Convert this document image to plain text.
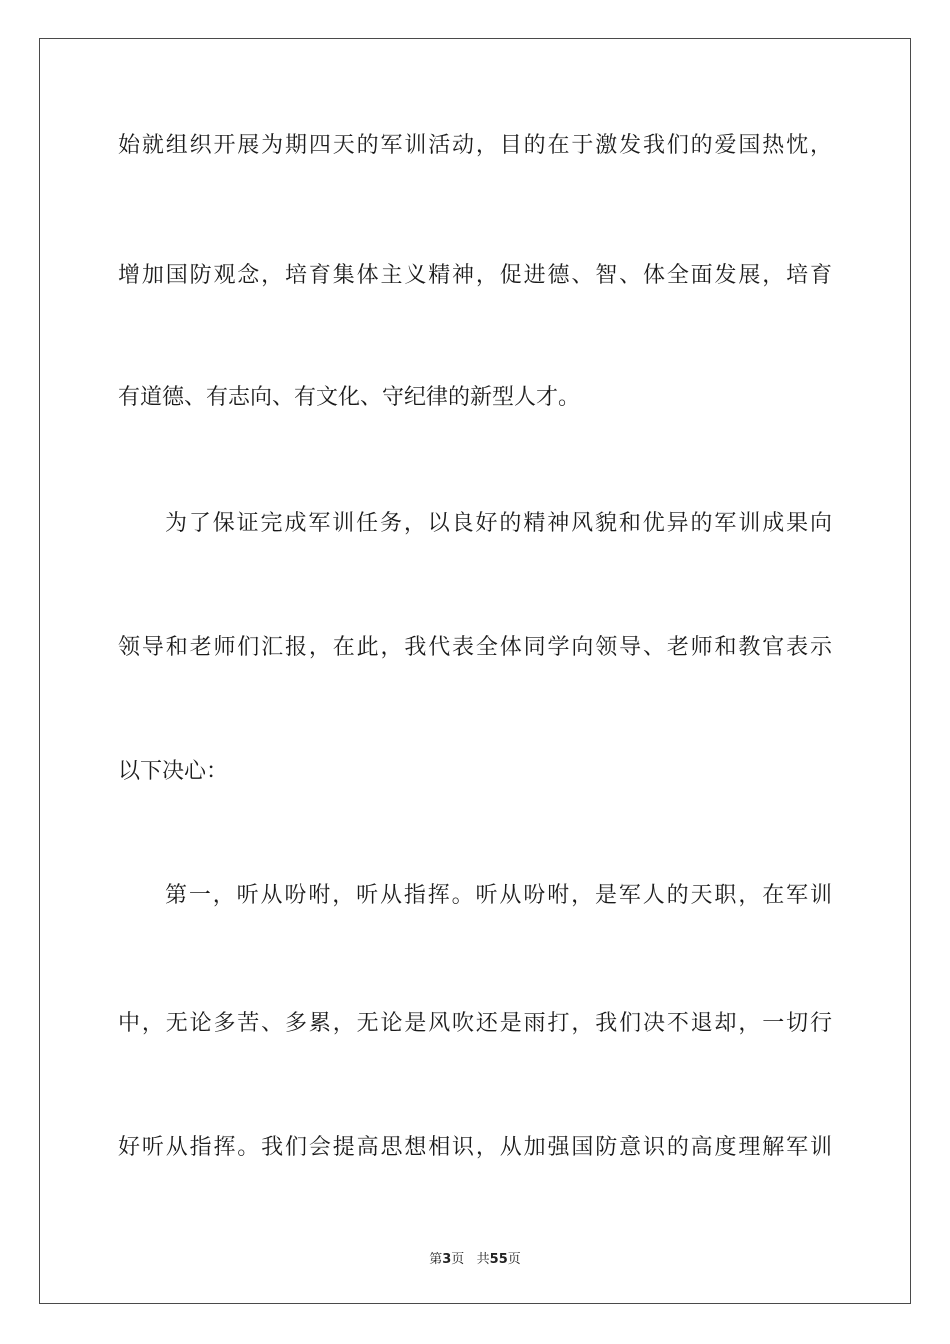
始就组织开展为期四天的军训活动，目的在于激发我们的爱国热忱，
增加国防观念，培育集体主义精神，促进德、智、体全面发展，培育
有道德、有志向、有文化、守纪律的新型人才。
为了保证完成军训任务，以良好的精神风貌和优异的军训成果向
领导和老师们汇报，在此，我代表全体同学向领导、老师和教官表示
以下决心：
第一，听从吩咐，听从指挥。听从吩咐，是军人的天职，在军训
中，无论多苦、多累，无论是风吹还是雨打，我们决不退却，一切行
好听从指挥。我们会提高思想相识，从加强国防意识的高度理解军训
第3页   共55页
